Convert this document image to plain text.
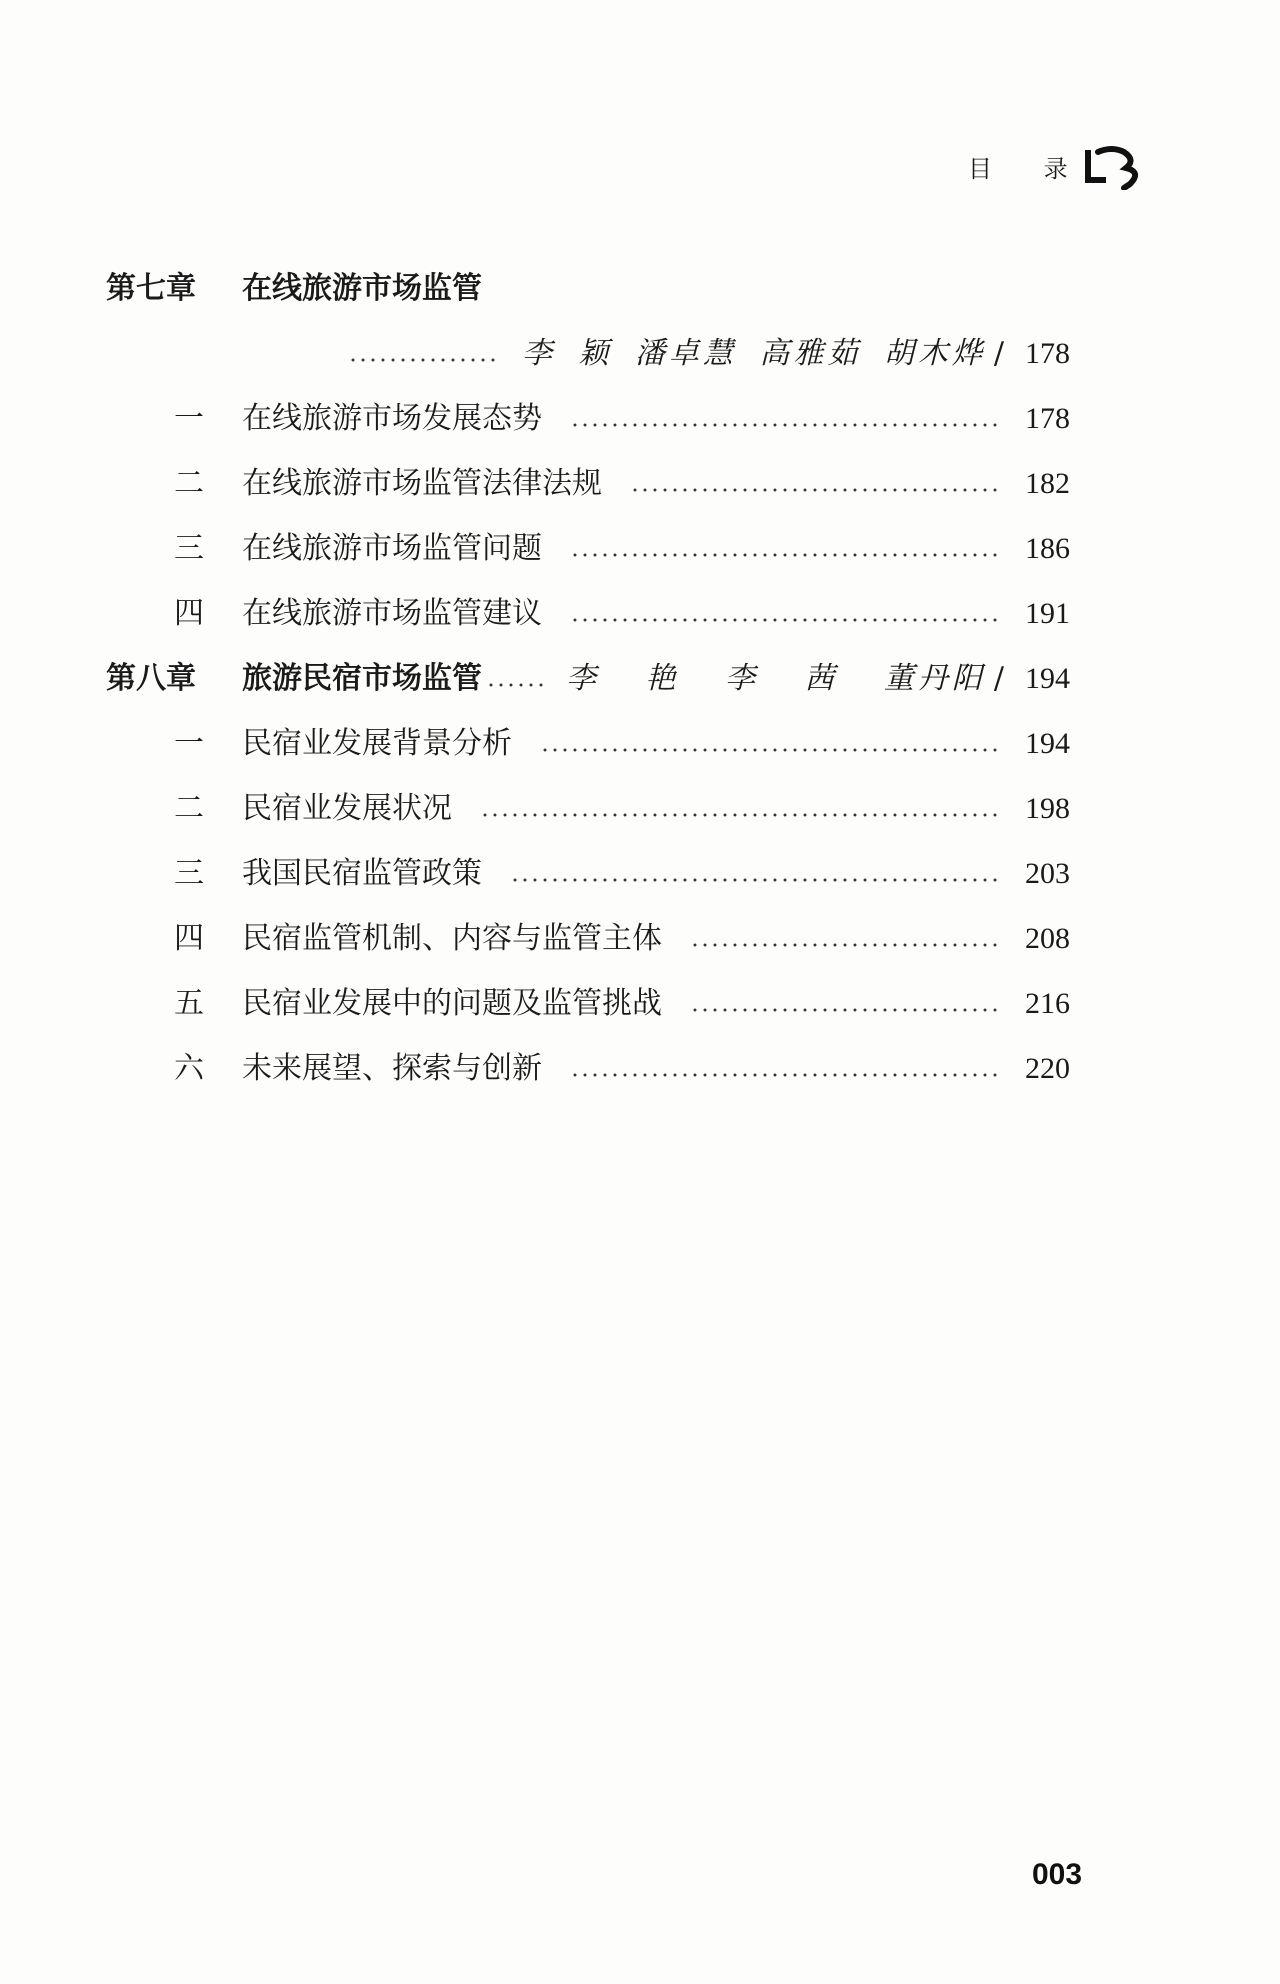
目 录
第七章	在线旅游市场监管
李 颖 潘卓慧 高雅茹 胡木烨 / 178
一	在线旅游市场发展态势	178
二	在线旅游市场监管法律法规	182
三	在线旅游市场监管问题	186
四	在线旅游市场监管建议	191
第八章	旅游民宿市场监管	李 艳 李 茜 董丹阳 / 194
一	民宿业发展背景分析	194
二	民宿业发展状况	198
三	我国民宿监管政策	203
四	民宿监管机制、内容与监管主体	208
五	民宿业发展中的问题及监管挑战	216
六	未来展望、探索与创新	220
003
